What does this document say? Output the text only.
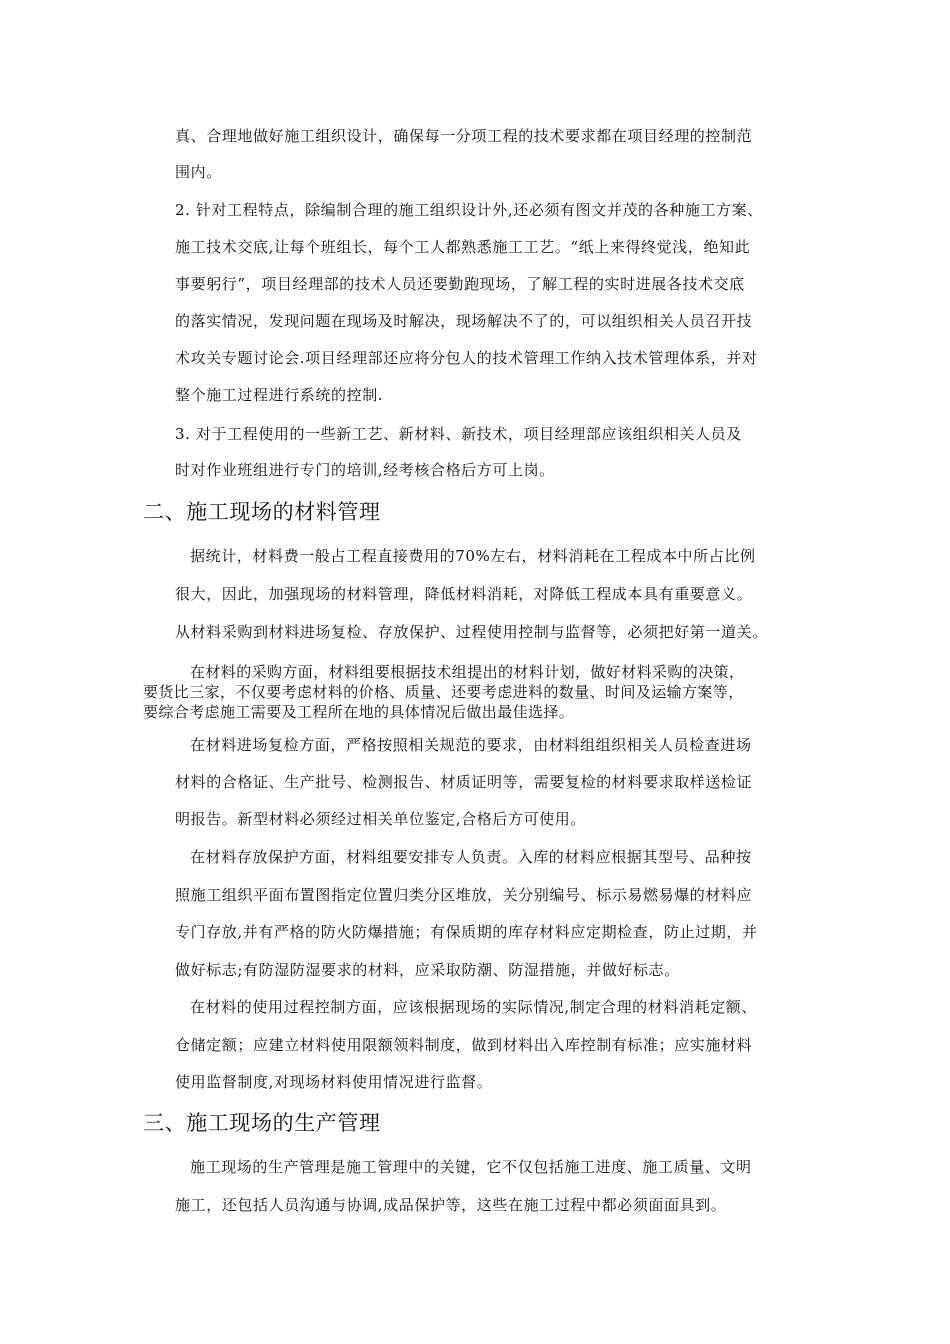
真、合理地做好施工组织设计，确保每一分项工程的技术要求都在项目经理的控制范
围内。
2. 针对工程特点，除编制合理的施工组织设计外,还必须有图文并茂的各种施工方案、
施工技术交底,让每个班组长，每个工人都熟悉施工工艺。“纸上来得终觉浅，绝知此
事要躬行”，项目经理部的技术人员还要勤跑现场，了解工程的实时进展各技术交底
的落实情况，发现问题在现场及时解决，现场解决不了的，可以组织相关人员召开技
术攻关专题讨论会.项目经理部还应将分包人的技术管理工作纳入技术管理体系，并对
整个施工过程进行系统的控制.
3. 对于工程使用的一些新工艺、新材料、新技术，项目经理部应该组织相关人员及
时对作业班组进行专门的培训,经考核合格后方可上岗。
二、施工现场的材料管理
据统计，材料费一般占工程直接费用的70%左右，材料消耗在工程成本中所占比例
很大，因此，加强现场的材料管理，降低材料消耗，对降低工程成本具有重要意义。
从材料采购到材料进场复检、存放保护、过程使用控制与监督等，必须把好第一道关。
在材料的采购方面，材料组要根据技术组提出的材料计划，做好材料采购的决策，
要货比三家，不仅要考虑材料的价格、质量、还要考虑进料的数量、时间及运输方案等，
要综合考虑施工需要及工程所在地的具体情况后做出最佳选择。
在材料进场复检方面，严格按照相关规范的要求，由材料组组织相关人员检查进场
材料的合格证、生产批号、检测报告、材质证明等，需要复检的材料要求取样送检证
明报告。新型材料必须经过相关单位鉴定,合格后方可使用。
在材料存放保护方面，材料组要安排专人负责。入库的材料应根据其型号、品种按
照施工组织平面布置图指定位置归类分区堆放，关分别编号、标示易燃易爆的材料应
专门存放,并有严格的防火防爆措施；有保质期的库存材料应定期检查，防止过期，并
做好标志;有防湿防湿要求的材料，应采取防潮、防湿措施，并做好标志。
在材料的使用过程控制方面，应该根据现场的实际情况,制定合理的材料消耗定额、
仓储定额；应建立材料使用限额领料制度，做到材料出入库控制有标准；应实施材料
使用监督制度,对现场材料使用情况进行监督。
三、施工现场的生产管理
施工现场的生产管理是施工管理中的关键，它不仅包括施工进度、施工质量、文明
施工，还包括人员沟通与协调,成品保护等，这些在施工过程中都必须面面具到。
